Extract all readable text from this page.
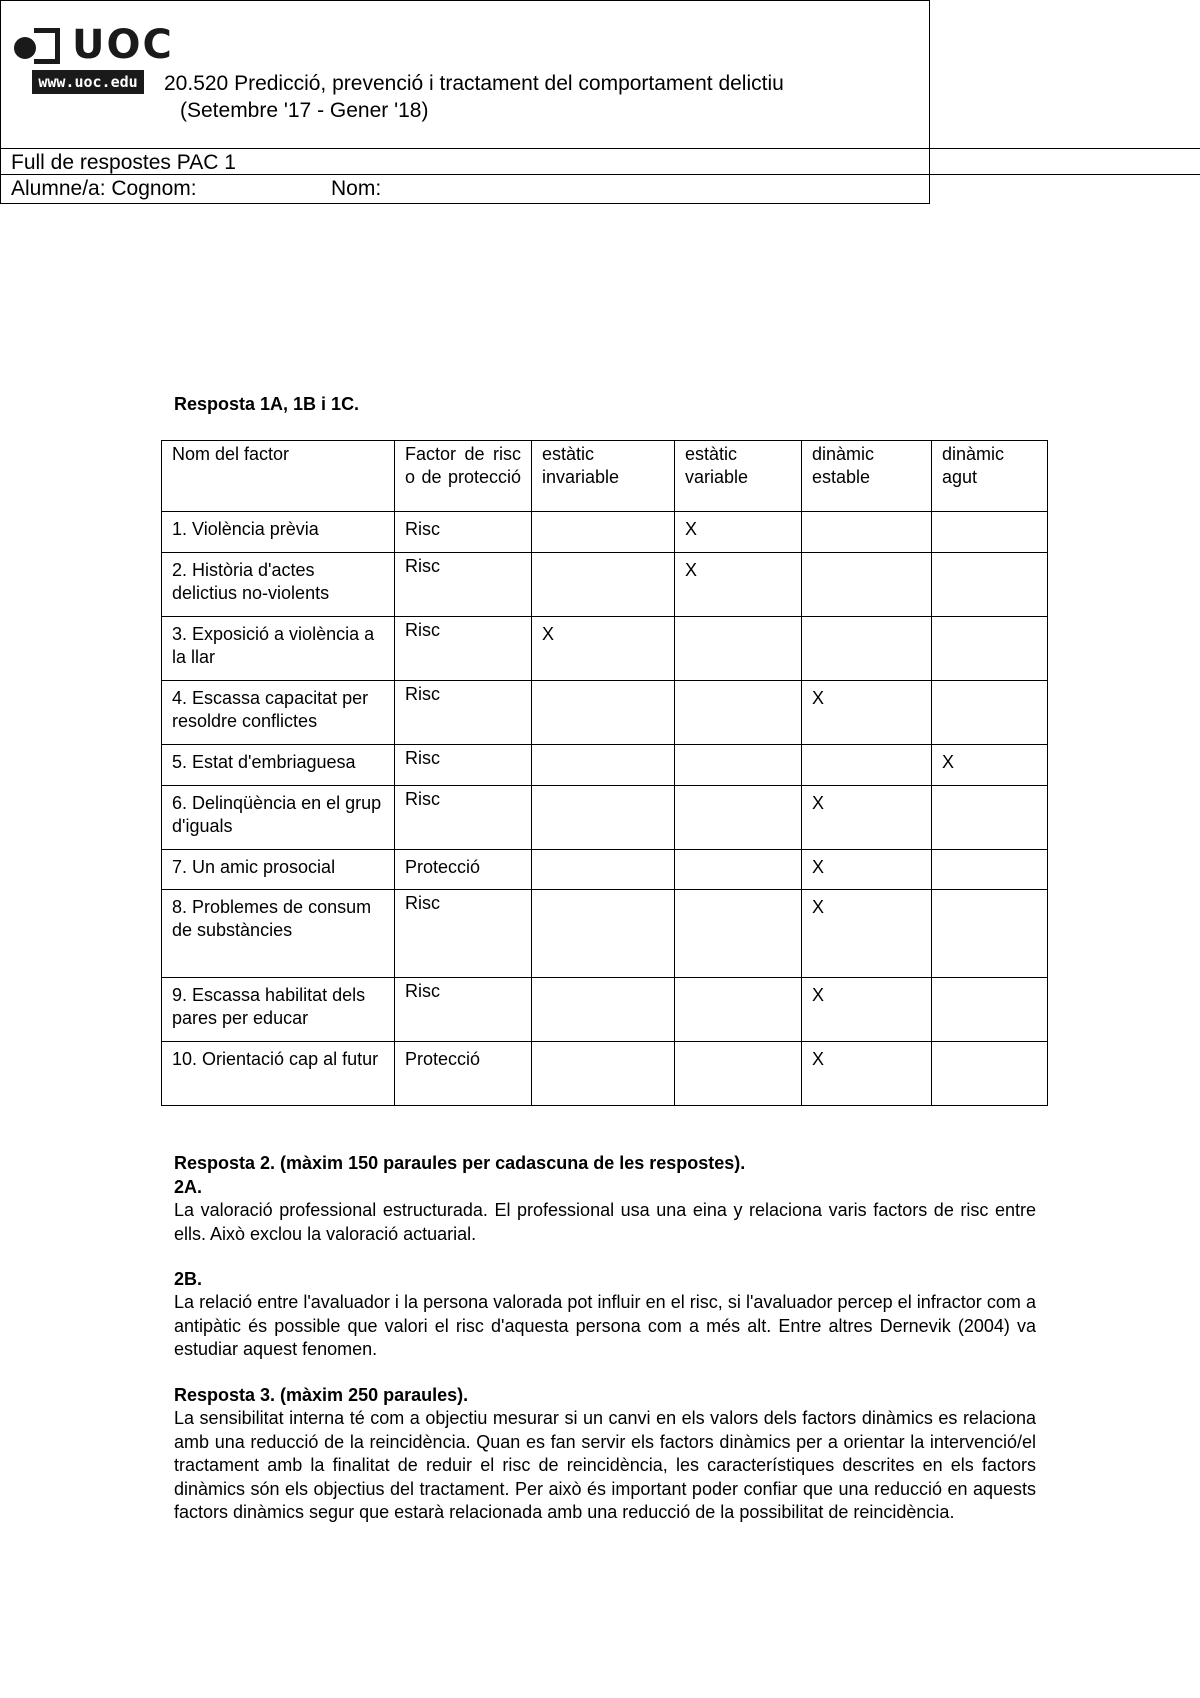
UOC
www.uoc.edu	20.520 Predicció, prevenció i tractament del comportament delictiu
(Setembre '17 - Gener '18)
Full de respostes PAC 1
Alumne/a: Cognom:	Nom:
Resposta 1A, 1B i 1C.
Nom del factor	Factor de risc o de protecció	estàtic invariable	estàtic variable	dinàmic estable	dinàmic agut
1. Violència prèvia	Risc		X		
2. Història d'actes delictius no-violents	Risc		X		
3. Exposició a violència a la llar	Risc	X			
4. Escassa capacitat per resoldre conflictes	Risc			X	
5. Estat d'embriaguesa	Risc				X
6. Delinqüència en el grup d'iguals	Risc			X	
7. Un amic prosocial	Protecció			X	
8. Problemes de consum de substàncies	Risc			X	
9. Escassa habilitat dels pares per educar	Risc			X	
10. Orientació cap al futur	Protecció			X	
Resposta 2. (màxim 150 paraules per cadascuna de les respostes).
2A.
La valoració professional estructurada. El professional usa una eina y relaciona varis factors de risc entre ells. Això exclou la valoració actuarial.
2B.
La relació entre l'avaluador i la persona valorada pot influir en el risc, si l'avaluador percep el infractor com a antipàtic és possible que valori el risc d'aquesta persona com a més alt. Entre altres Dernevik (2004) va estudiar aquest fenomen.
Resposta 3. (màxim 250 paraules).
La sensibilitat interna té com a objectiu mesurar si un canvi en els valors dels factors dinàmics es relaciona amb una reducció de la reincidència. Quan es fan servir els factors dinàmics per a orientar la intervenció/el tractament amb la finalitat de reduir el risc de reincidència, les característiques descrites en els factors dinàmics són els objectius del tractament. Per això és important poder confiar que una reducció en aquests factors dinàmics segur que estarà relacionada amb una reducció de la possibilitat de reincidència.
